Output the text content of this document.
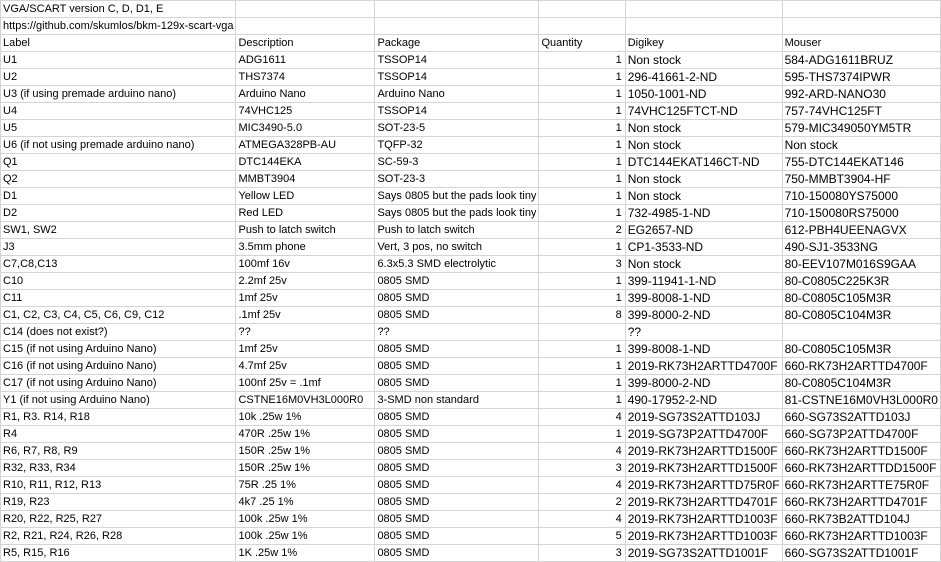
VGA/SCART version C, D, D1, E					
https://github.com/skumlos/bkm-129x-scart-vga					
Label	Description	Package	Quantity	Digikey	Mouser
U1	ADG1611	TSSOP14	1	Non stock	584-ADG1611BRUZ
U2	THS7374	TSSOP14	1	296-41661-2-ND	595-THS7374IPWR
U3 (if using premade arduino nano)	Arduino Nano	Arduino Nano	1	1050-1001-ND	992-ARD-NANO30
U4	74VHC125	TSSOP14	1	74VHC125FTCT-ND	757-74VHC125FT
U5	MIC3490-5.0	SOT-23-5	1	Non stock	579-MIC349050YM5TR
U6 (if not using premade arduino nano)	ATMEGA328PB-AU	TQFP-32	1	Non stock	Non stock
Q1	DTC144EKA	SC-59-3	1	DTC144EKAT146CT-ND	755-DTC144EKAT146
Q2	MMBT3904	SOT-23-3	1	Non stock	750-MMBT3904-HF
D1	Yellow LED	Says 0805 but the pads look tiny	1	Non stock	710-150080YS75000
D2	Red LED	Says 0805 but the pads look tiny	1	732-4985-1-ND	710-150080RS75000
SW1, SW2	Push to latch switch	Push to latch switch	2	EG2657-ND	612-PBH4UEENAGVX
J3	3.5mm phone	Vert, 3 pos, no switch	1	CP1-3533-ND	490-SJ1-3533NG
C7,C8,C13	100mf 16v	6.3x5.3 SMD electrolytic	3	Non stock	80-EEV107M016S9GAA
C10	2.2mf 25v	0805 SMD	1	399-11941-1-ND	80-C0805C225K3R
C11	1mf 25v	0805 SMD	1	399-8008-1-ND	80-C0805C105M3R
C1, C2, C3, C4, C5, C6, C9, C12	.1mf 25v	0805 SMD	8	399-8000-2-ND	80-C0805C104M3R
C14 (does not exist?)	??	??		??	
C15 (if not using Arduino Nano)	1mf 25v	0805 SMD	1	399-8008-1-ND	80-C0805C105M3R
C16 (if not using Arduino Nano)	4.7mf 25v	0805 SMD	1	2019-RK73H2ARTTD4700F	660-RK73H2ARTTD4700F
C17 (if not using Arduino Nano)	100nf 25v = .1mf	0805 SMD	1	399-8000-2-ND	80-C0805C104M3R
Y1 (if not using Arduino Nano)	CSTNE16M0VH3L000R0	3-SMD non standard	1	490-17952-2-ND	81-CSTNE16M0VH3L000R0
R1, R3. R14, R18	10k .25w 1%	0805 SMD	4	2019-SG73S2ATTD103J	660-SG73S2ATTD103J
R4	470R .25w 1%	0805 SMD	1	2019-SG73P2ATTD4700F	660-SG73P2ATTD4700F
R6, R7, R8, R9	150R .25w 1%	0805 SMD	4	2019-RK73H2ARTTD1500F	660-RK73H2ARTTD1500F
R32, R33, R34	150R .25w 1%	0805 SMD	3	2019-RK73H2ARTTD1500F	660-RK73H2ARTTDD1500F
R10, R11, R12, R13	75R .25 1%	0805 SMD	4	2019-RK73H2ARTTD75R0F	660-RK73H2ARTTE75R0F
R19, R23	4k7 .25 1%	0805 SMD	2	2019-RK73H2ARTTD4701F	660-RK73H2ARTTD4701F
R20, R22, R25, R27	100k .25w 1%	0805 SMD	4	2019-RK73H2ARTTD1003F	660-RK73B2ATTD104J
R2, R21, R24, R26, R28	100k .25w 1%	0805 SMD	5	2019-RK73H2ARTTD1003F	660-RK73H2ARTTD1003F
R5, R15, R16	1K .25w 1%	0805 SMD	3	2019-SG73S2ATTD1001F	660-SG73S2ATTD1001F
